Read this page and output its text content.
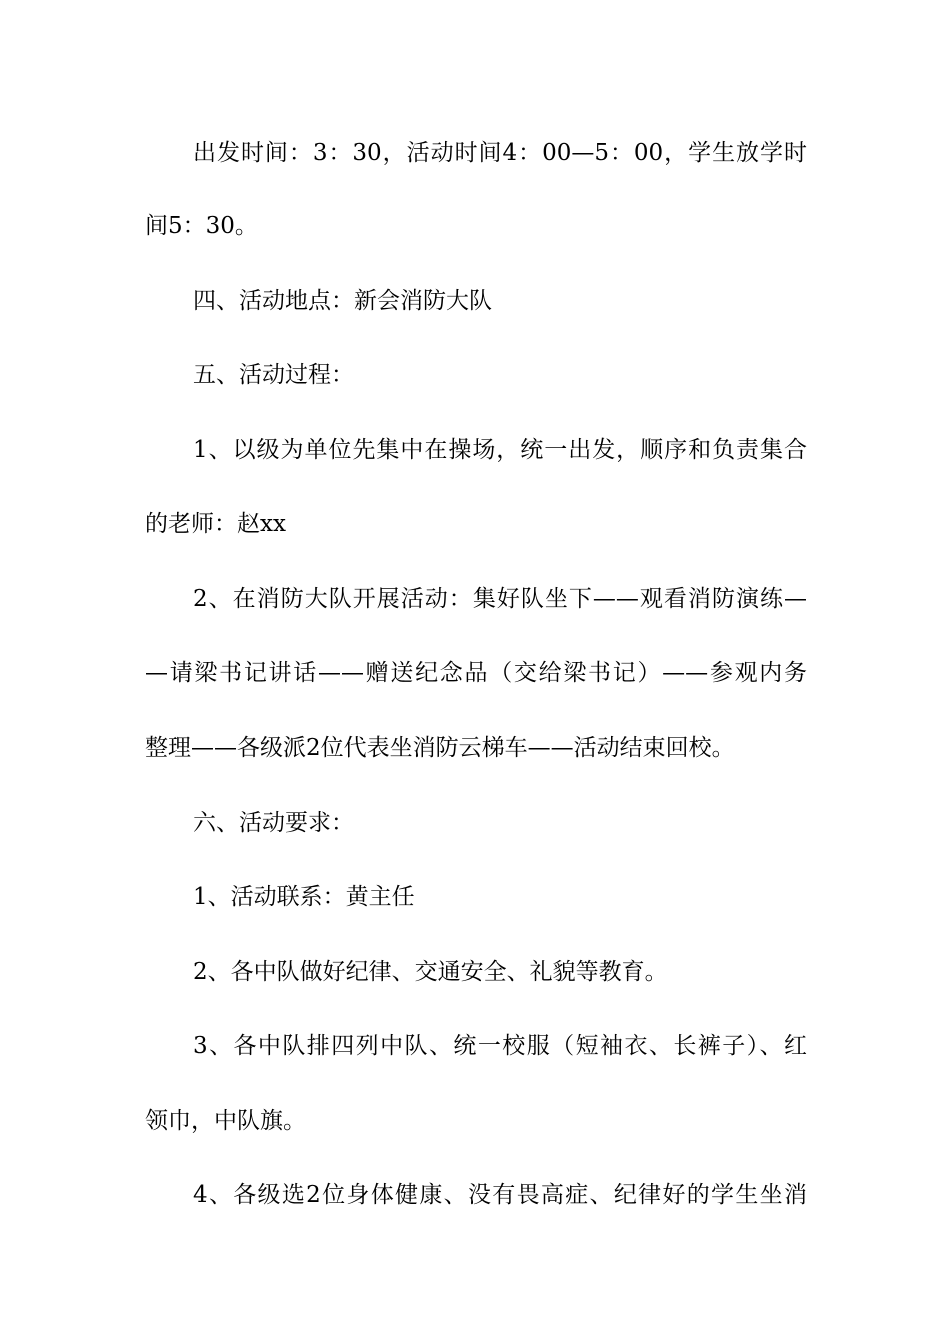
出发时间：3：30，活动时间4：00—5：00，学生放学时
间5：30。
四、活动地点：新会消防大队
五、活动过程：
1、以级为单位先集中在操场，统一出发，顺序和负责集合
的老师：赵xx
2、在消防大队开展活动：集好队坐下——观看消防演练—
—请梁书记讲话——赠送纪念品（交给梁书记）——参观内务
整理——各级派2位代表坐消防云梯车——活动结束回校。
六、活动要求：
1、活动联系：黄主任
2、各中队做好纪律、交通安全、礼貌等教育。
3、各中队排四列中队、统一校服（短袖衣、长裤子）、红
领巾，中队旗。
4、各级选2位身体健康、没有畏高症、纪律好的学生坐消
